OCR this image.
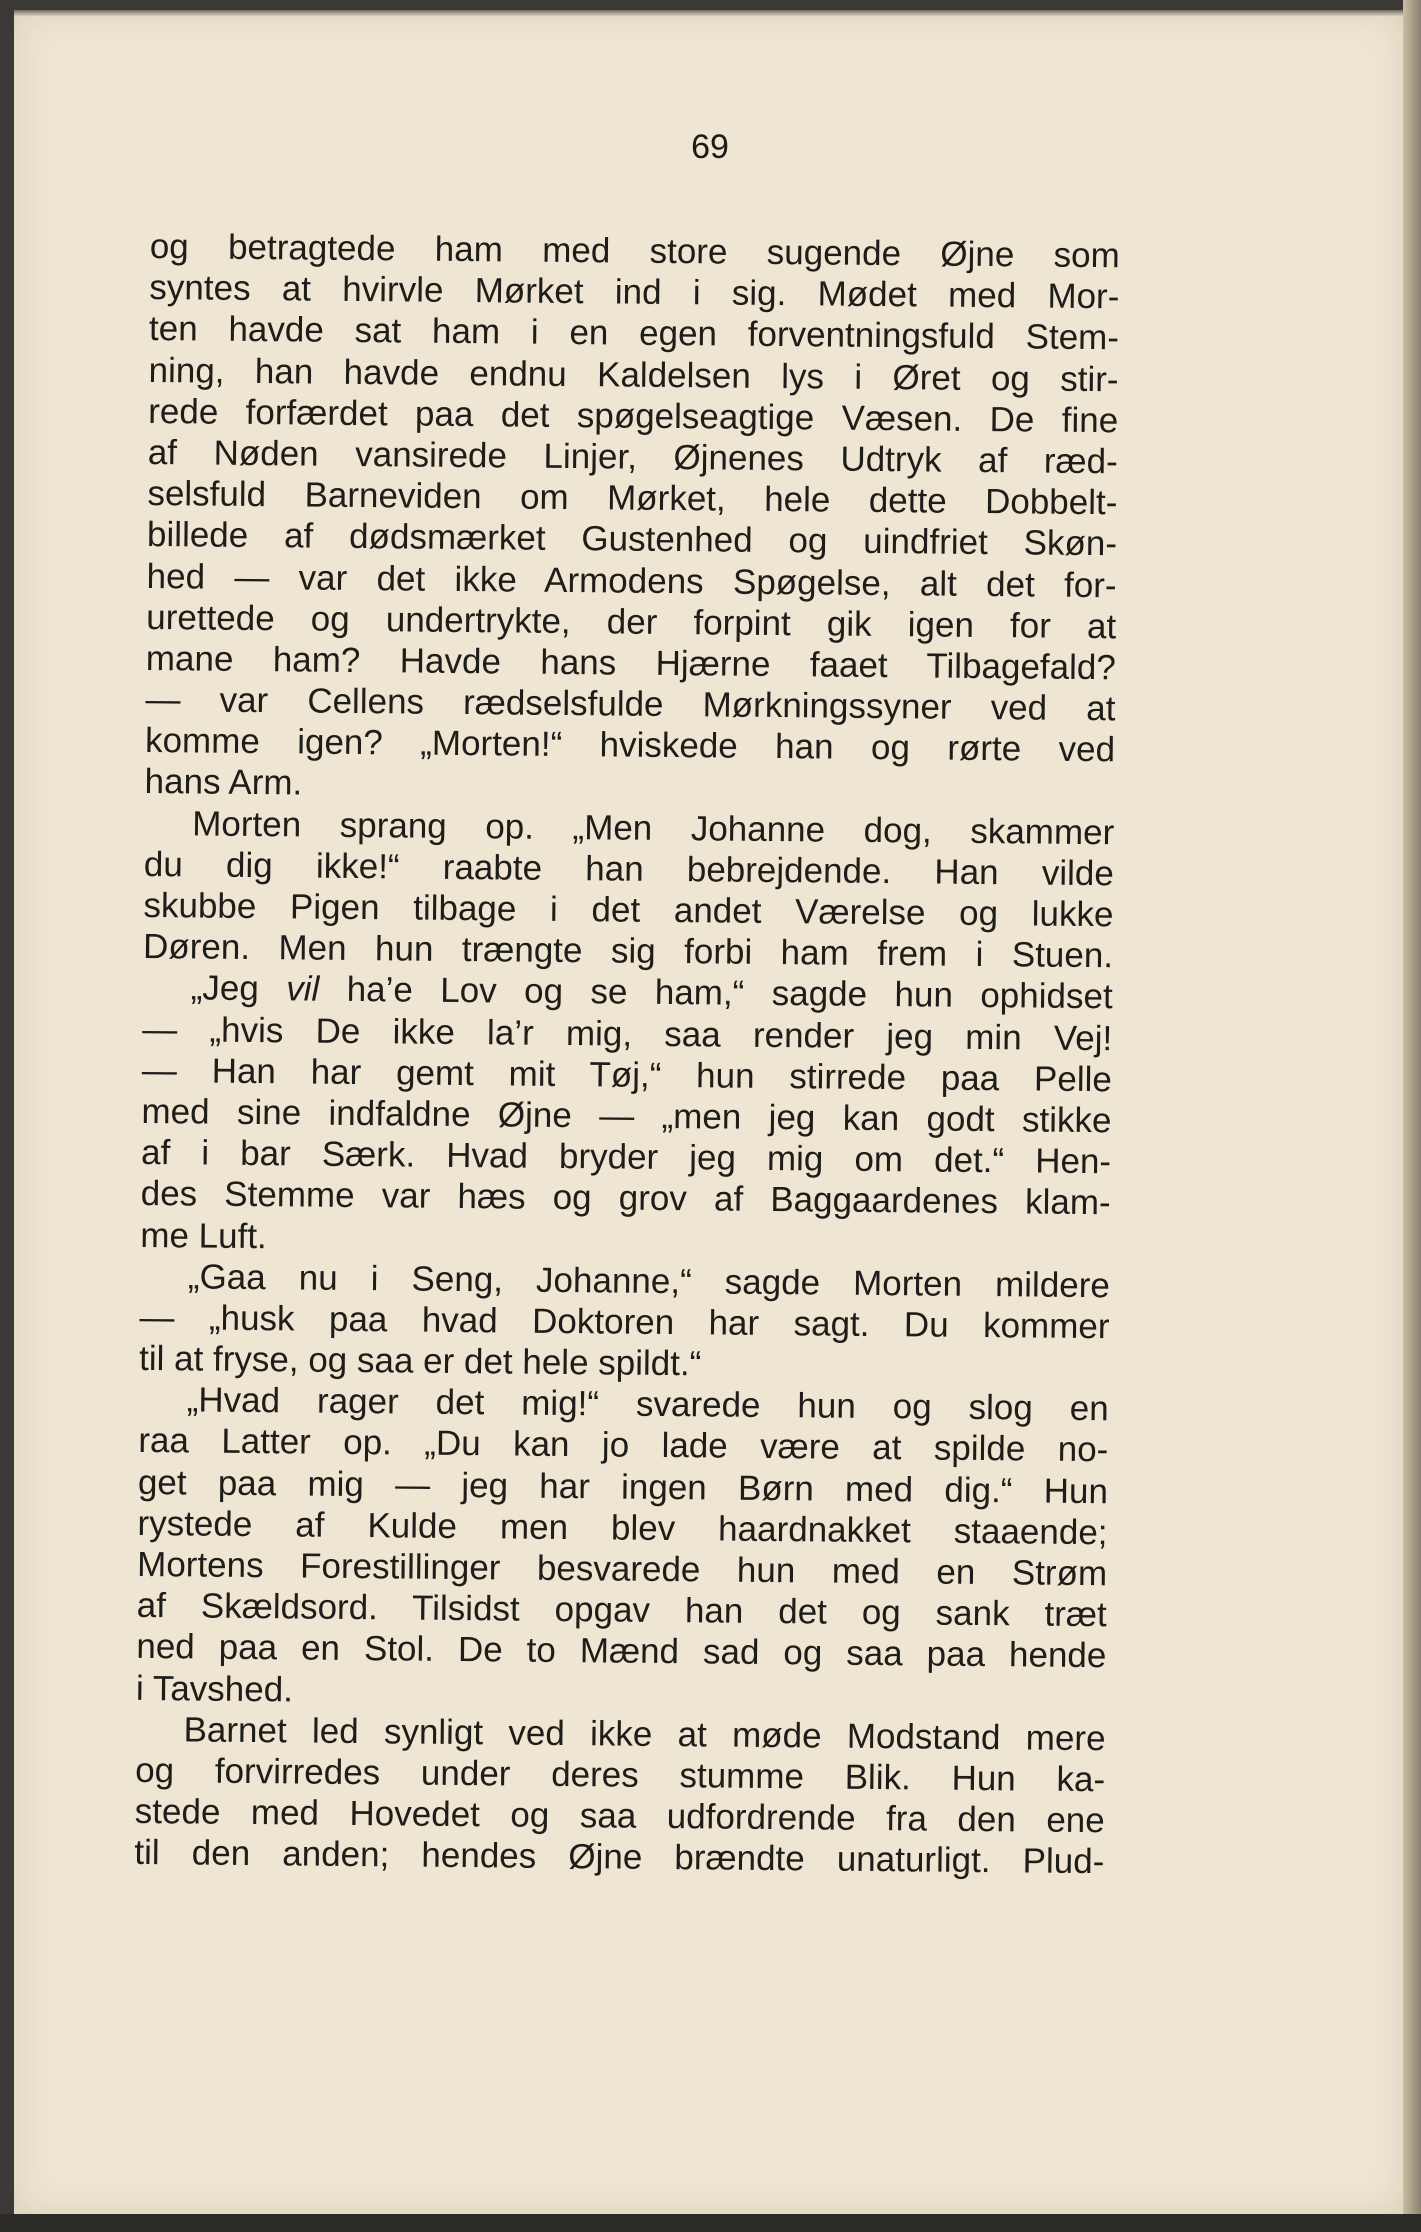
69
og betragtede ham med store sugende Øjne som
syntes at hvirvle Mørket ind i sig. Mødet med Mor-
ten havde sat ham i en egen forventningsfuld Stem-
ning, han havde endnu Kaldelsen lys i Øret og stir-
rede forfærdet paa det spøgelseagtige Væsen. De fine
af Nøden vansirede Linjer, Øjnenes Udtryk af ræd-
selsfuld Barneviden om Mørket, hele dette Dobbelt-
billede af dødsmærket Gustenhed og uindfriet Skøn-
hed — var det ikke Armodens Spøgelse, alt det for-
urettede og undertrykte, der forpint gik igen for at
mane ham? Havde hans Hjærne faaet Tilbagefald?
— var Cellens rædselsfulde Mørkningssyner ved at
komme igen? „Morten!“ hviskede han og rørte ved
hans Arm.
Morten sprang op. „Men Johanne dog, skammer
du dig ikke!“ raabte han bebrejdende. Han vilde
skubbe Pigen tilbage i det andet Værelse og lukke
Døren. Men hun trængte sig forbi ham frem i Stuen.
„Jeg vil ha’e Lov og se ham,“ sagde hun ophidset
— „hvis De ikke la’r mig, saa render jeg min Vej!
— Han har gemt mit Tøj,“ hun stirrede paa Pelle
med sine indfaldne Øjne — „men jeg kan godt stikke
af i bar Særk. Hvad bryder jeg mig om det.“ Hen-
des Stemme var hæs og grov af Baggaardenes klam-
me Luft.
„Gaa nu i Seng, Johanne,“ sagde Morten mildere
— „husk paa hvad Doktoren har sagt. Du kommer
til at fryse, og saa er det hele spildt.“
„Hvad rager det mig!“ svarede hun og slog en
raa Latter op. „Du kan jo lade være at spilde no-
get paa mig — jeg har ingen Børn med dig.“ Hun
rystede af Kulde men blev haardnakket staaende;
Mortens Forestillinger besvarede hun med en Strøm
af Skældsord. Tilsidst opgav han det og sank træt
ned paa en Stol. De to Mænd sad og saa paa hende
i Tavshed.
Barnet led synligt ved ikke at møde Modstand mere
og forvirredes under deres stumme Blik. Hun ka-
stede med Hovedet og saa udfordrende fra den ene
til den anden; hendes Øjne brændte unaturligt. Plud-
